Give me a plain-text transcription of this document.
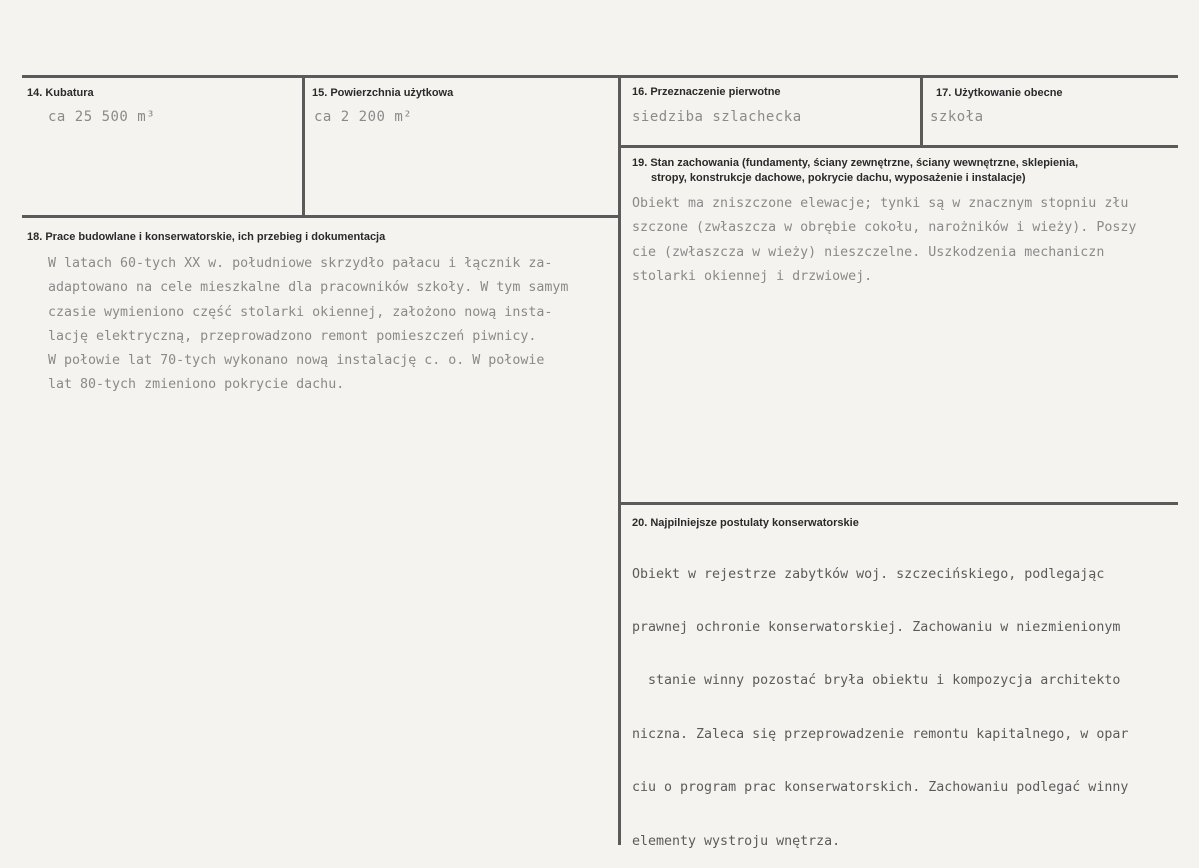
14. Kubatura
ca 25 500 m³
15. Powierzchnia użytkowa
ca 2 200 m²
16. Przeznaczenie pierwotne
siedziba szlachecka
17. Użytkowanie obecne
szkoła
18. Prace budowlane i konserwatorskie, ich przebieg i dokumentacja
W latach 60-tych XX w. południowe skrzydło pałacu i łącznik za-
adaptowano na cele mieszkalne dla pracowników szkoły. W tym samym
czasie wymieniono część stolarki okiennej, założono nową insta-
lację elektryczną, przeprowadzono remont pomieszczeń piwnicy.
W połowie lat 70-tych wykonano nową instalację c. o. W połowie
lat 80-tych zmieniono pokrycie dachu.
19. Stan zachowania (fundamenty, ściany zewnętrzne, ściany wewnętrzne, sklepienia,
stropy, konstrukcje dachowe, pokrycie dachu, wyposażenie i instalacje)
Obiekt ma zniszczone elewacje; tynki są w znacznym stopniu złu
szczone (zwłaszcza w obrębie cokołu, narożników i wieży). Poszy
cie (zwłaszcza w wieży) nieszczelne. Uszkodzenia mechaniczn
stolarki okiennej i drzwiowej.
20. Najpilniejsze postulaty konserwatorskie

Obiekt w rejestrze zabytków woj. szczecińskiego, podlegając

prawnej ochronie konserwatorskiej. Zachowaniu w niezmienionym

stanie winny pozostać bryła obiektu i kompozycja architekto

niczna. Zaleca się przeprowadzenie remontu kapitalnego, w opar

ciu o program prac konserwatorskich. Zachowaniu podlegać winny

elementy wystroju wnętrza.
